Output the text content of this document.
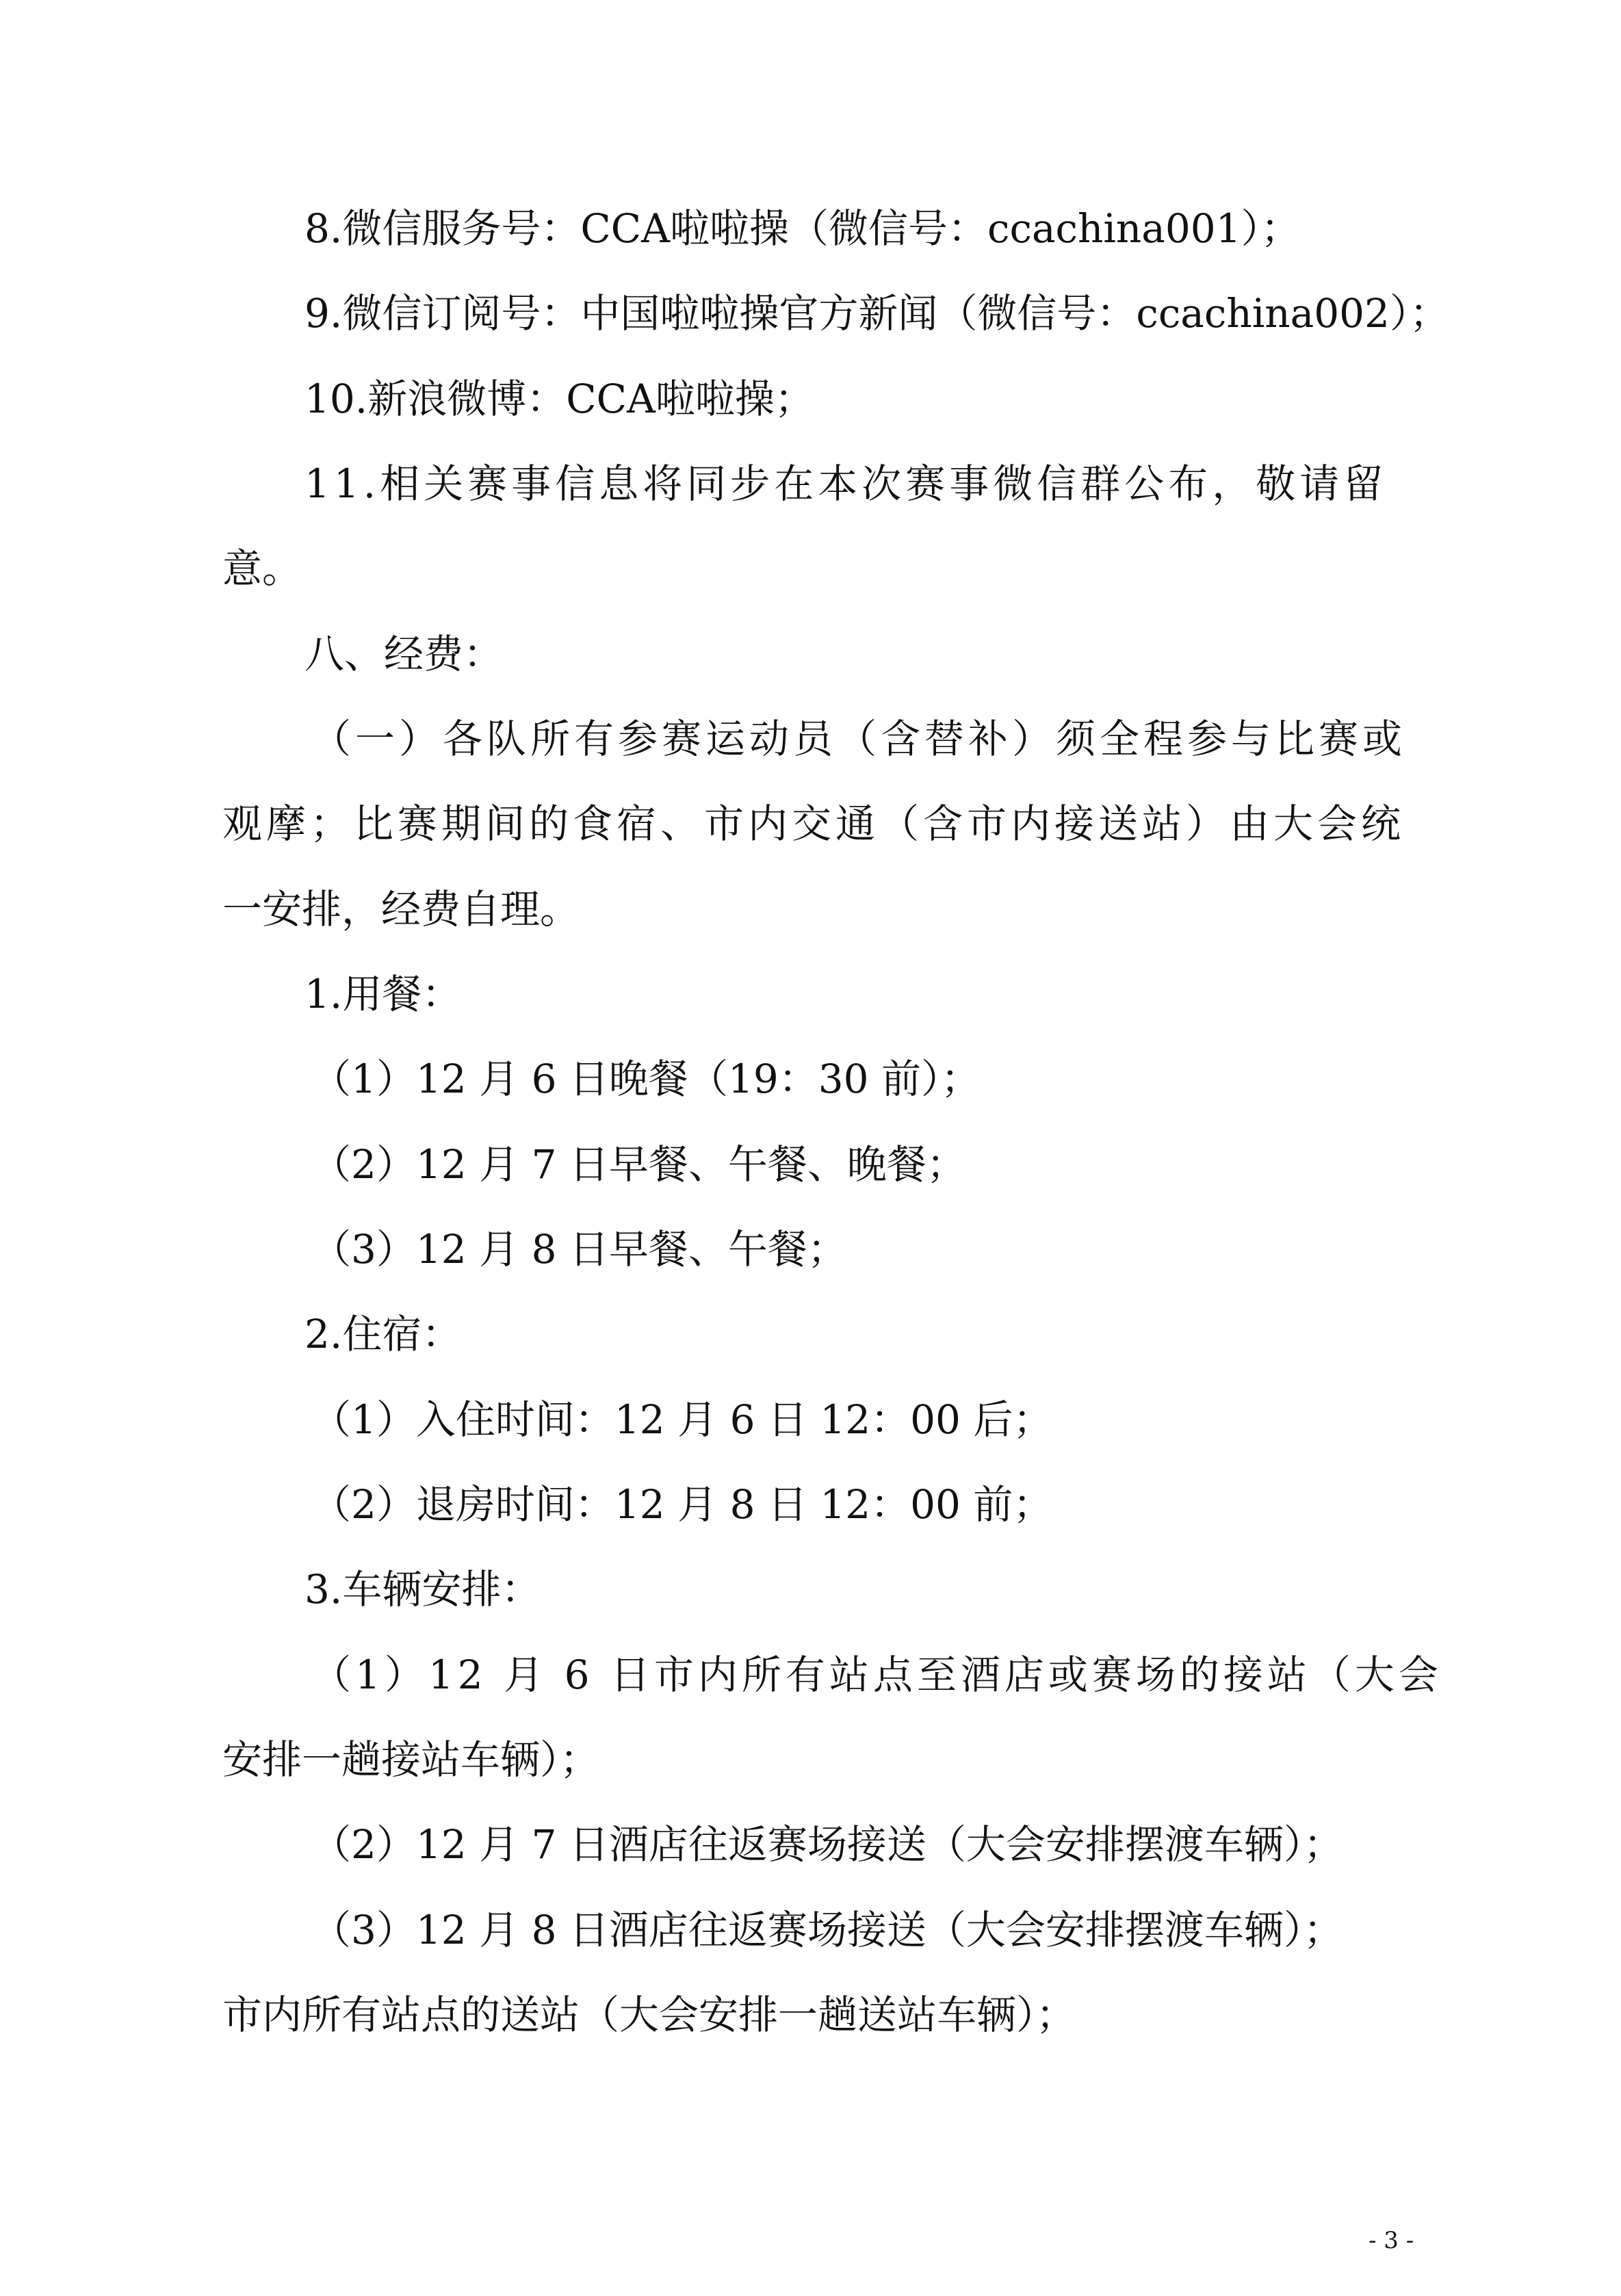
8.微信服务号：CCA啦啦操（微信号：ccachina001）；
9.微信订阅号：中国啦啦操官方新闻（微信号：ccachina002）；
10.新浪微博：CCA啦啦操；
11.相关赛事信息将同步在本次赛事微信群公布，敬请留
意。
八、经费：
（一）各队所有参赛运动员（含替补）须全程参与比赛或
观摩；比赛期间的食宿、市内交通（含市内接送站）由大会统
一安排，经费自理。
1.用餐：
（1）12 月 6 日晚餐（19：30 前）；
（2）12 月 7 日早餐、午餐、晚餐；
（3）12 月 8 日早餐、午餐；
2.住宿：
（1）入住时间：12 月 6 日 12：00 后；
（2）退房时间：12 月 8 日 12：00 前；
3.车辆安排：
（1）12 月 6 日市内所有站点至酒店或赛场的接站（大会
安排一趟接站车辆）；
（2）12 月 7 日酒店往返赛场接送（大会安排摆渡车辆）；
（3）12 月 8 日酒店往返赛场接送（大会安排摆渡车辆）；
市内所有站点的送站（大会安排一趟送站车辆）；
- 3 -
